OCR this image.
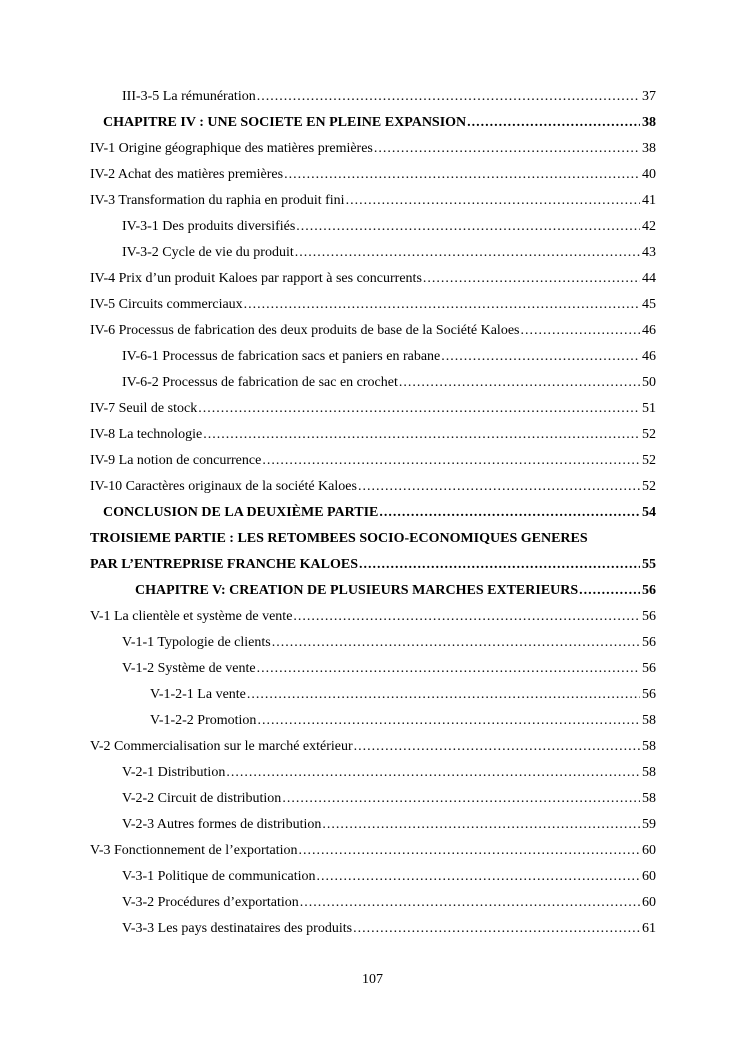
III-3-5 La rémunération .....	37
CHAPITRE IV : UNE SOCIETE EN PLEINE EXPANSION .....	38
IV-1 Origine géographique des matières premières .....	38
IV-2 Achat des matières premières .....	40
IV-3 Transformation du raphia en produit fini .....	41
IV-3-1 Des produits diversifiés .....	42
IV-3-2 Cycle de vie du produit .....	43
IV-4 Prix d’un produit Kaloes par rapport à ses concurrents .....	44
IV-5 Circuits commerciaux .....	45
IV-6 Processus de fabrication des deux produits de base de la Société Kaloes .....	46
IV-6-1 Processus de fabrication sacs et paniers en rabane .....	46
IV-6-2 Processus de fabrication de sac en crochet .....	50
IV-7 Seuil de stock .....	51
IV-8 La technologie .....	52
IV-9 La notion de concurrence .....	52
IV-10 Caractères originaux de la société Kaloes .....	52
CONCLUSION DE LA DEUXIÈME PARTIE .....	54
TROISIEME PARTIE : LES RETOMBEES SOCIO-ECONOMIQUES GENERES
PAR L’ENTREPRISE FRANCHE KALOES .....	55
CHAPITRE V: CREATION DE PLUSIEURS MARCHES EXTERIEURS .....	56
V-1 La clientèle et système de vente .....	56
V-1-1 Typologie de clients .....	56
V-1-2 Système de vente .....	56
V-1-2-1 La vente .....	56
V-1-2-2 Promotion .....	58
V-2 Commercialisation sur le marché extérieur .....	58
V-2-1 Distribution .....	58
V-2-2 Circuit de distribution .....	58
V-2-3 Autres formes de distribution .....	59
V-3 Fonctionnement de l’exportation .....	60
V-3-1 Politique de communication .....	60
V-3-2 Procédures d’exportation .....	60
V-3-3 Les pays destinataires des produits .....	61
107
